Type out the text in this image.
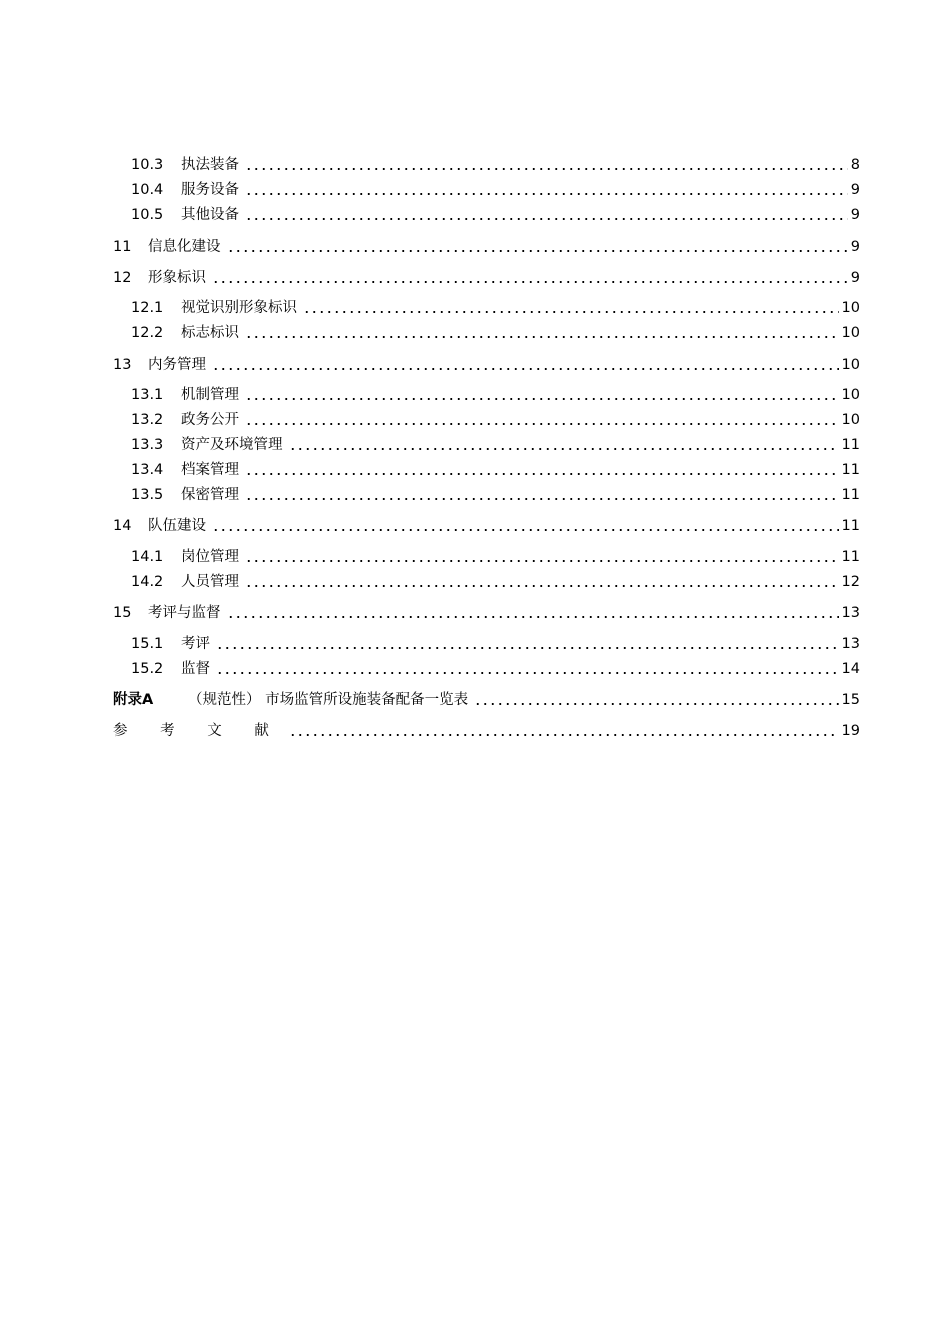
10.3	执法装备	8
10.4	服务设备	9
10.5	其他设备	9
11	信息化建设	9
12	形象标识	9
12.1	视觉识别形象标识	10
12.2	标志标识	10
13	内务管理	10
13.1	机制管理	10
13.2	政务公开	10
13.3	资产及环境管理	11
13.4	档案管理	11
13.5	保密管理	11
14	队伍建设	11
14.1	岗位管理	11
14.2	人员管理	12
15	考评与监督	13
15.1	考评	13
15.2	监督	14
附录A	（规范性） 市场监管所设施装备配备一览表	15
参 考 文 献	19
